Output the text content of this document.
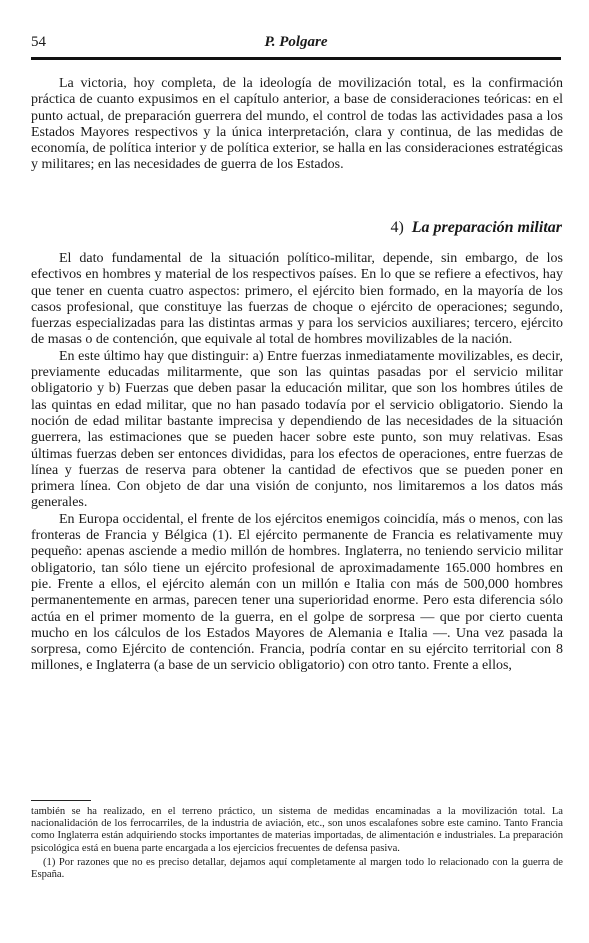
54	P. Polgare

La victoria, hoy completa, de la ideología de movilización total, es la confirmación práctica de cuanto expusimos en el capítulo anterior, a base de consideraciones teóricas: en el punto actual, de preparación guerrera del mundo, el control de todas las actividades pasa a los Estados Mayores respectivos y la única interpretación, clara y continua, de las medidas de economía, de política interior y de política exterior, se halla en las consideraciones estratégicas y militares; en las necesidades de guerra de los Estados.

4) La preparación militar

El dato fundamental de la situación político-militar, depende, sin embargo, de los efectivos en hombres y material de los respectivos países. En lo que se refiere a efectivos, hay que tener en cuenta cuatro aspectos: primero, el ejército bien formado, en la mayoría de los casos profesional, que constituye las fuerzas de choque o ejército de operaciones; segundo, fuerzas especializadas para las distintas armas y para los servicios auxiliares; tercero, ejército de masas o de contención, que equivale al total de hombres movilizables de la nación.

En este último hay que distinguir: a) Entre fuerzas inmediatamente movilizables, es decir, previamente educadas militarmente, que son las quintas pasadas por el servicio militar obligatorio y b) Fuerzas que deben pasar la educación militar, que son los hombres útiles de las quintas en edad militar, que no han pasado todavía por el servicio obligatorio. Siendo la noción de edad militar bastante imprecisa y dependiendo de las necesidades de la situación guerrera, las estimaciones que se pueden hacer sobre este punto, son muy relativas. Esas últimas fuerzas deben ser entonces divididas, para los efectos de operaciones, entre fuerzas de línea y fuerzas de reserva para obtener la cantidad de efectivos que se pueden poner en primera línea. Con objeto de dar una visión de conjunto, nos limitaremos a los datos más generales.

En Europa occidental, el frente de los ejércitos enemigos coincidía, más o menos, con las fronteras de Francia y Bélgica (1). El ejército permanente de Francia es relativamente muy pequeño: apenas asciende a medio millón de hombres. Inglaterra, no teniendo servicio militar obligatorio, tan sólo tiene un ejército profesional de aproximadamente 165.000 hombres en pie. Frente a ellos, el ejército alemán con un millón e Italia con más de 500,000 hombres permanentemente en armas, parecen tener una superioridad enorme. Pero esta diferencia sólo actúa en el primer momento de la guerra, en el golpe de sorpresa — que por cierto cuenta mucho en los cálculos de los Estados Mayores de Alemania e Italia —. Una vez pasada la sorpresa, como Ejército de contención. Francia, podría contar en su ejército territorial con 8 millones, e Inglaterra (a base de un servicio obligatorio) con otro tanto. Frente a ellos,

también se ha realizado, en el terreno práctico, un sistema de medidas encaminadas a la movilización total. La nacionalidación de los ferrocarriles, de la industria de aviación, etc., son unos escalafones sobre este camino. Tanto Francia como Inglaterra están adquiriendo stocks importantes de materias importadas, de alimentación e industriales. La preparación psicológica está en buena parte encargada a los ejercicios frecuentes de defensa pasiva.

(1) Por razones que no es preciso detallar, dejamos aquí completamente al margen todo lo relacionado con la guerra de España.
